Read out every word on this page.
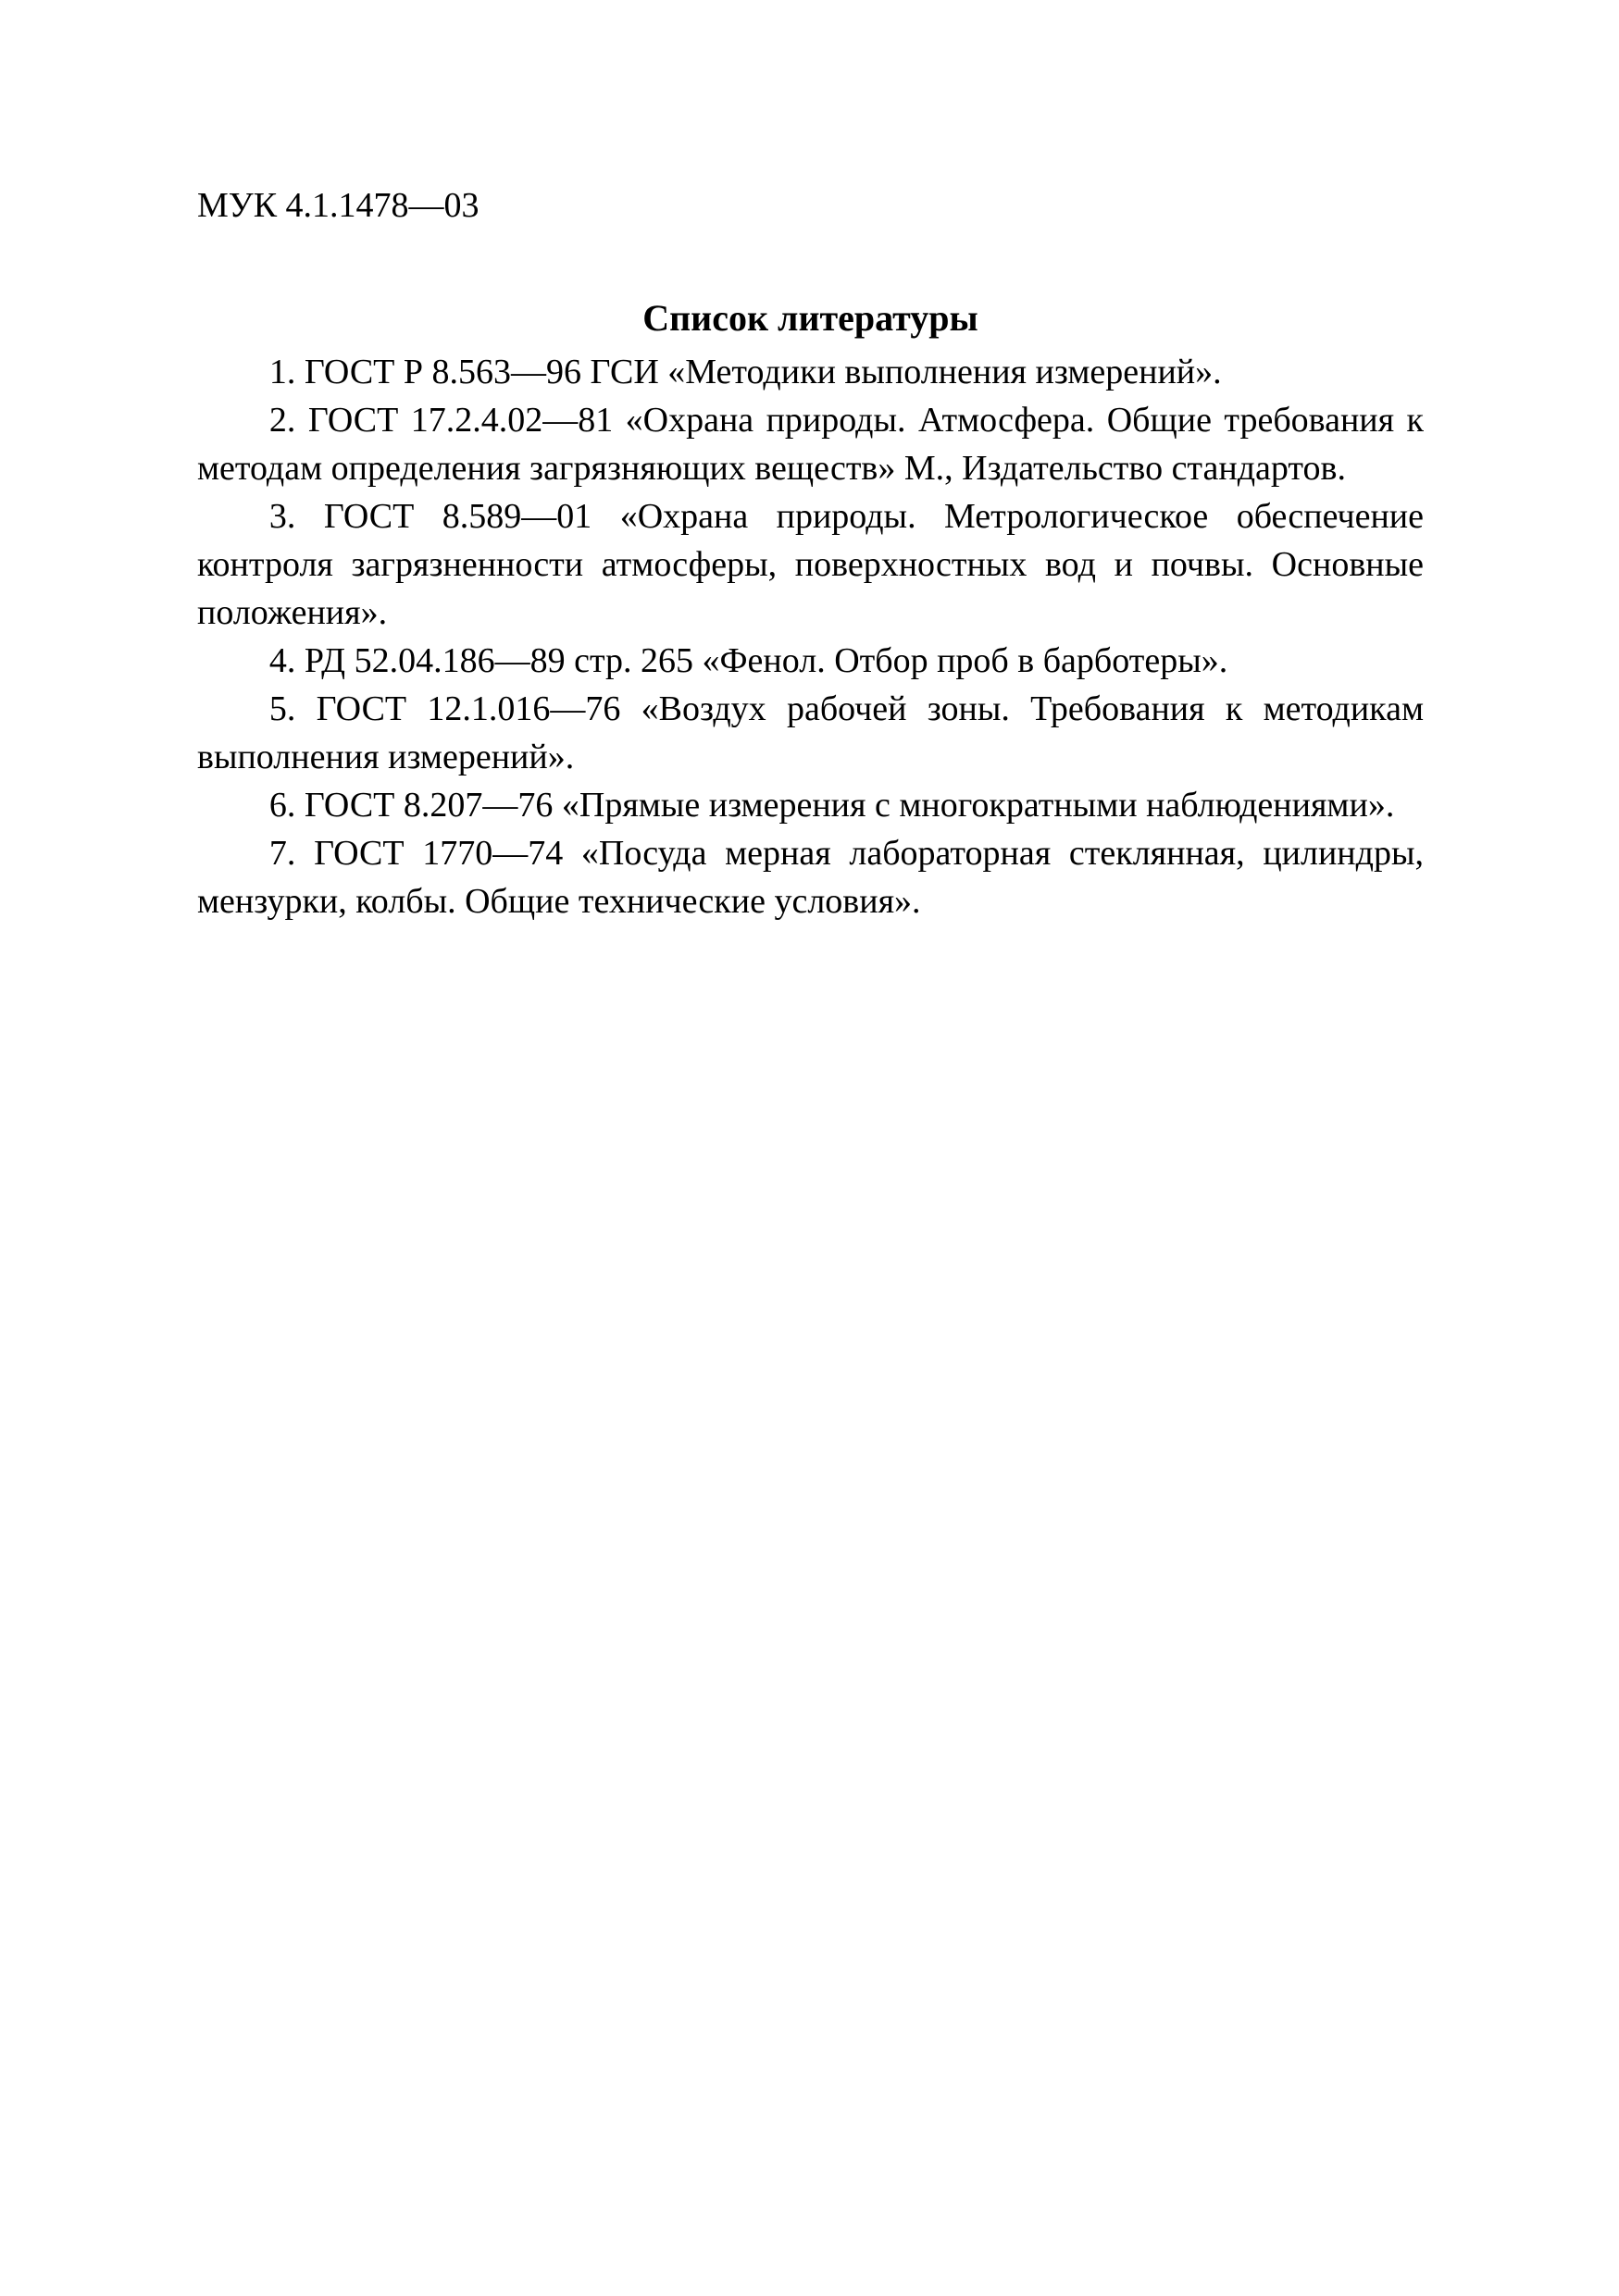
МУК 4.1.1478—03
Список литературы

1. ГОСТ Р 8.563—96 ГСИ «Методики выполнения измерений».

2. ГОСТ 17.2.4.02—81 «Охрана природы. Атмосфера. Общие требования к методам определения загрязняющих веществ» М., Издательство стандартов.

3. ГОСТ 8.589—01 «Охрана природы. Метрологическое обеспечение контроля загрязненности атмосферы, поверхностных вод и почвы. Основные положения».

4. РД 52.04.186—89 стр. 265 «Фенол. Отбор проб в барботеры».

5. ГОСТ 12.1.016—76 «Воздух рабочей зоны. Требования к методикам выполнения измерений».

6. ГОСТ 8.207—76 «Прямые измерения с многократными наблюдениями».

7. ГОСТ 1770—74 «Посуда мерная лабораторная стеклянная, цилиндры, мензурки, колбы. Общие технические условия».
